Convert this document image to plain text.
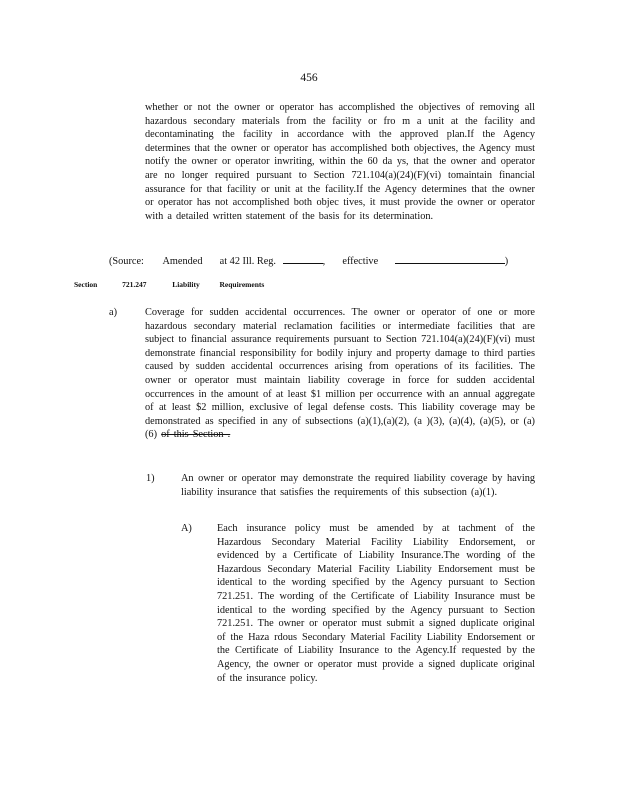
456
whether or not the owner or operator has accomplished the objectives of removing all hazardous secondary materials from the facility or fro m a unit at the facility and decontaminating the facility in accordance with the approved plan.If the Agency determines that the owner or operator has accomplished both objectives, the Agency must notify the owner or operator inwriting, within the 60 da ys, that the owner and operator are no longer required pursuant to Section 721.104(a)(24)(F)(vi) tomaintain financial assurance for that facility or unit at the facility.If the Agency determines that the owner or operator has not accomplished both objec tives, it must provide the owner or operator with a detailed written statement of the basis for its determination.
(Source: Amended at 42 Ill. Reg.	, effective	)
Section	721.247	Liability	Requirements
a)	Coverage for sudden accidental occurrences. The owner or operator of one or more hazardous secondary material reclamation facilities or intermediate facilities that are subject to financial assurance requirements pursuant to Section 721.104(a)(24)(F)(vi) must demonstrate financial responsibility for bodily injury and property damage to third parties caused by sudden accidental occurrences arising from operations of its facilities. The owner or operator must maintain liability coverage in force for sudden accidental occurrences in the amount of at least $1 million per occurrence with an annual aggregate of at least $2 million, exclusive of legal defense costs. This liability coverage may be demonstrated as specified in any of subsections (a)(1),(a)(2), (a )(3), (a)(4), (a)(5), or (a)(6) of this Section .
1)	An owner or operator may demonstrate the required liability coverage by having liability insurance that satisfies the requirements of this subsection (a)(1).
A) Each insurance policy must be amended by at tachment of the Hazardous Secondary Material Facility Liability Endorsement, or evidenced by a Certificate of Liability Insurance.The wording of the Hazardous Secondary Material Facility Liability Endorsement must be identical to the wording specified by the Agency pursuant to Section 721.251. The wording of the Certificate of Liability Insurance must be identical to the wording specified by the Agency pursuant to Section 721.251. The owner or operator must submit a signed duplicate original of the Haza rdous Secondary Material Facility Liability Endorsement or the Certificate of Liability Insurance to the Agency.If requested by the Agency, the owner or operator must provide a signed duplicate original of the insurance policy.
